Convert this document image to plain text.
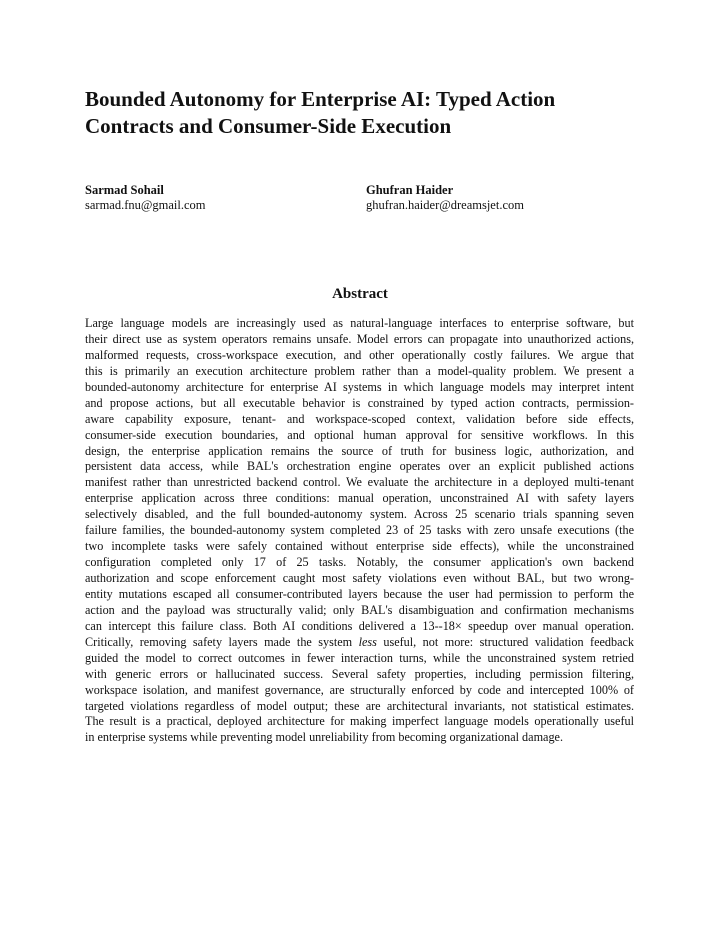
Bounded Autonomy for Enterprise AI: Typed Action
Contracts and Consumer-Side Execution
Sarmad Sohail
sarmad.fnu@gmail.com
Ghufran Haider
ghufran.haider@dreamsjet.com
Abstract
Large language models are increasingly used as natural-language interfaces to enterprise software, but
their direct use as system operators remains unsafe. Model errors can propagate into unauthorized actions,
malformed requests, cross-workspace execution, and other operationally costly failures. We argue that
this is primarily an execution architecture problem rather than a model-quality problem. We present a
bounded-autonomy architecture for enterprise AI systems in which language models may interpret intent
and propose actions, but all executable behavior is constrained by typed action contracts, permission-
aware capability exposure, tenant- and workspace-scoped context, validation before side effects,
consumer-side execution boundaries, and optional human approval for sensitive workflows. In this
design, the enterprise application remains the source of truth for business logic, authorization, and
persistent data access, while BAL's orchestration engine operates over an explicit published actions
manifest rather than unrestricted backend control. We evaluate the architecture in a deployed multi-tenant
enterprise application across three conditions: manual operation, unconstrained AI with safety layers
selectively disabled, and the full bounded-autonomy system. Across 25 scenario trials spanning seven
failure families, the bounded-autonomy system completed 23 of 25 tasks with zero unsafe executions (the
two incomplete tasks were safely contained without enterprise side effects), while the unconstrained
configuration completed only 17 of 25 tasks. Notably, the consumer application's own backend
authorization and scope enforcement caught most safety violations even without BAL, but two wrong-
entity mutations escaped all consumer-contributed layers because the user had permission to perform the
action and the payload was structurally valid; only BAL's disambiguation and confirmation mechanisms
can intercept this failure class. Both AI conditions delivered a 13--18× speedup over manual operation.
Critically, removing safety layers made the system less useful, not more: structured validation feedback
guided the model to correct outcomes in fewer interaction turns, while the unconstrained system retried
with generic errors or hallucinated success. Several safety properties, including permission filtering,
workspace isolation, and manifest governance, are structurally enforced by code and intercepted 100% of
targeted violations regardless of model output; these are architectural invariants, not statistical estimates.
The result is a practical, deployed architecture for making imperfect language models operationally useful
in enterprise systems while preventing model unreliability from becoming organizational damage.
